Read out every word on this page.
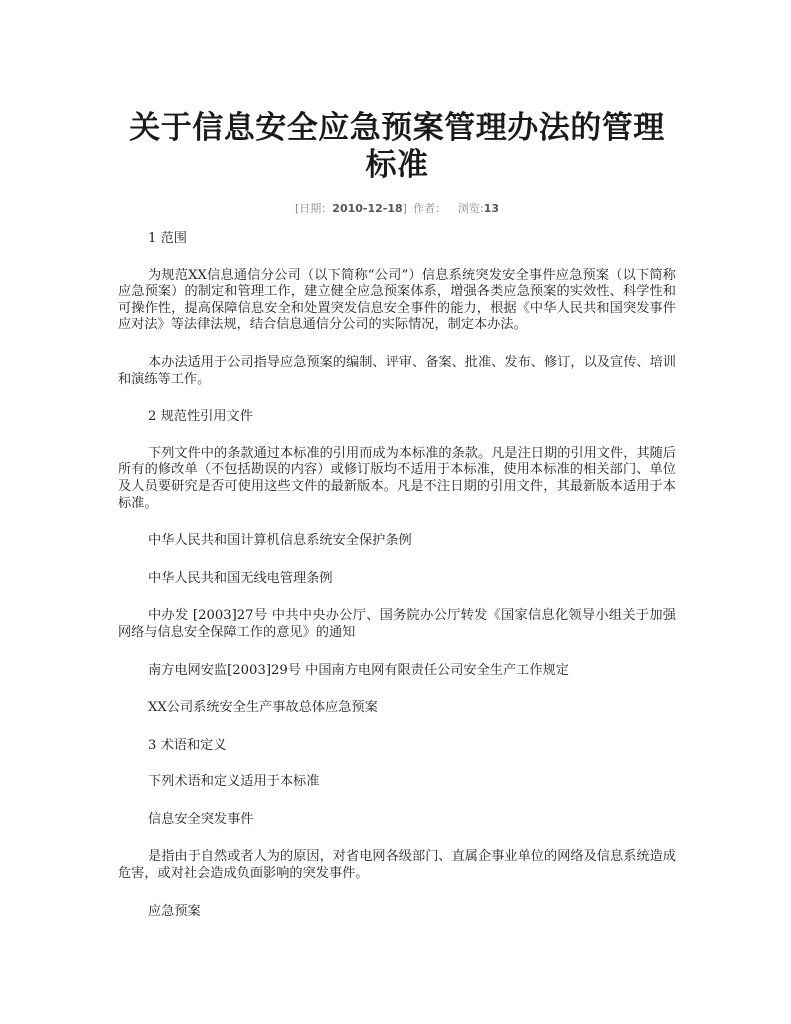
关于信息安全应急预案管理办法的管理标准
[日期：2010-12-18] 作者： 浏览:13

1 范围

为规范XX信息通信分公司（以下简称“公司”）信息系统突发安全事件应急预案（以下简称应急预案）的制定和管理工作，建立健全应急预案体系，增强各类应急预案的实效性、科学性和可操作性，提高保障信息安全和处置突发信息安全事件的能力，根据《中华人民共和国突发事件应对法》等法律法规，结合信息通信分公司的实际情况，制定本办法。

本办法适用于公司指导应急预案的编制、评审、备案、批准、发布、修订，以及宣传、培训和演练等工作。

2 规范性引用文件

下列文件中的条款通过本标准的引用而成为本标准的条款。凡是注日期的引用文件，其随后所有的修改单（不包括勘误的内容）或修订版均不适用于本标准，使用本标准的相关部门、单位及人员要研究是否可使用这些文件的最新版本。凡是不注日期的引用文件，其最新版本适用于本标准。

中华人民共和国计算机信息系统安全保护条例

中华人民共和国无线电管理条例

中办发 [2003]27号 中共中央办公厅、国务院办公厅转发《国家信息化领导小组关于加强网络与信息安全保障工作的意见》的通知

南方电网安监[2003]29号 中国南方电网有限责任公司安全生产工作规定

XX公司系统安全生产事故总体应急预案

3 术语和定义

下列术语和定义适用于本标准

信息安全突发事件

是指由于自然或者人为的原因，对省电网各级部门、直属企事业单位的网络及信息系统造成危害，或对社会造成负面影响的突发事件。

应急预案
